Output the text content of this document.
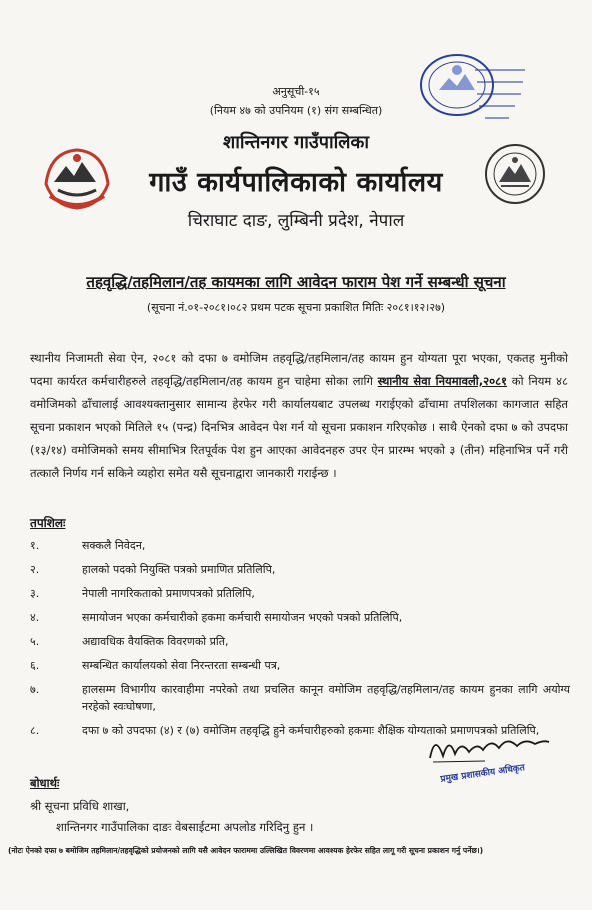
अनुसूची-१५
(नियम ४७ को उपनियम (१) संग सम्बन्धित)
शान्तिनगर गाउँपालिका
गाउँ कार्यपालिकाको कार्यालय
चिराघाट दाङ, लुम्बिनी प्रदेश, नेपाल
तहवृद्धि/तहमिलान/तह कायमका लागि आवेदन फाराम पेश गर्ने सम्बन्धी सूचना
(सूचना नं.०१-२०८१।०८२ प्रथम पटक सूचना प्रकाशित मितिः २०८१।१२।२७)
स्थानीय निजामती सेवा ऐन, २०८१ को दफा ७ वमोजिम तहवृद्धि/तहमिलान/तह कायम हुन योग्यता पूरा भएका, एकतह मुनीको पदमा कार्यरत कर्मचारीहरुले तहवृद्धि/तहमिलान/तह कायम हुन चाहेमा सोका लागि स्थानीय सेवा नियमावली,२०८१ को नियम ४८ वमोजिमको ढाँचालाई आवश्यक्तानुसार सामान्य हेरफेर गरी कार्यालयबाट उपलब्ध गराईएको ढाँचामा तपशिलका कागजात सहित सूचना प्रकाशन भएको मितिले १५ (पन्द्र) दिनभित्र आवेदन पेश गर्न यो सूचना प्रकाशन गरिएकोछ । साथै ऐनको दफा ७ को उपदफा (१३/१४) वमोजिमको समय सीमाभित्र रितपूर्वक पेश हुन आएका आवेदनहरु उपर ऐन प्रारम्भ भएको ३ (तीन) महिनाभित्र पर्ने गरी तत्कालै निर्णय गर्न सकिने व्यहोरा समेत यसै सूचनाद्वारा जानकारी गराईन्छ ।
तपशिलः
१.	सक्कलै निवेदन,
२.	हालको पदको नियुक्ति पत्रको प्रमाणित प्रतिलिपि,
३.	नेपाली नागरिकताको प्रमाणपत्रको प्रतिलिपि,
४.	समायोजन भएका कर्मचारीको हकमा कर्मचारी समायोजन भएको पत्रको प्रतिलिपि,
५.	अद्यावधिक वैयक्तिक विवरणको प्रति,
६.	सम्बन्धित कार्यालयको सेवा निरन्तरता सम्बन्धी पत्र,
७.	हालसम्म विभागीय कारवाहीमा नपरेको तथा प्रचलित कानून वमोजिम तहवृद्धि/तहमिलान/तह कायम हुनका लागि अयोग्य नरहेको स्वःघोषणा,
८.	दफा ७ को उपदफा (४) र (७) वमोजिम तहवृद्धि हुने कर्मचारीहरुको हकमाः शैक्षिक योग्यताको प्रमाणपत्रको प्रतिलिपि,
प्रमुख प्रशासकीय अधिकृत
बोधार्थः
श्री सूचना प्रविधि शाखा,
शान्तिनगर गाउँपालिका दाङः वेबसाईटमा अपलोड गरिदिनु हुन ।
(नोटः ऐनको दफा ७ बमोजिम तहमिलान/तहवृद्धिको प्रयोजनको लागि यसै आवेदन फाराममा उल्लिखित विवरणमा आवश्यक हेरफेर सहित लागू गरी सूचना प्रकाशन गर्नु पर्नेछ।)
